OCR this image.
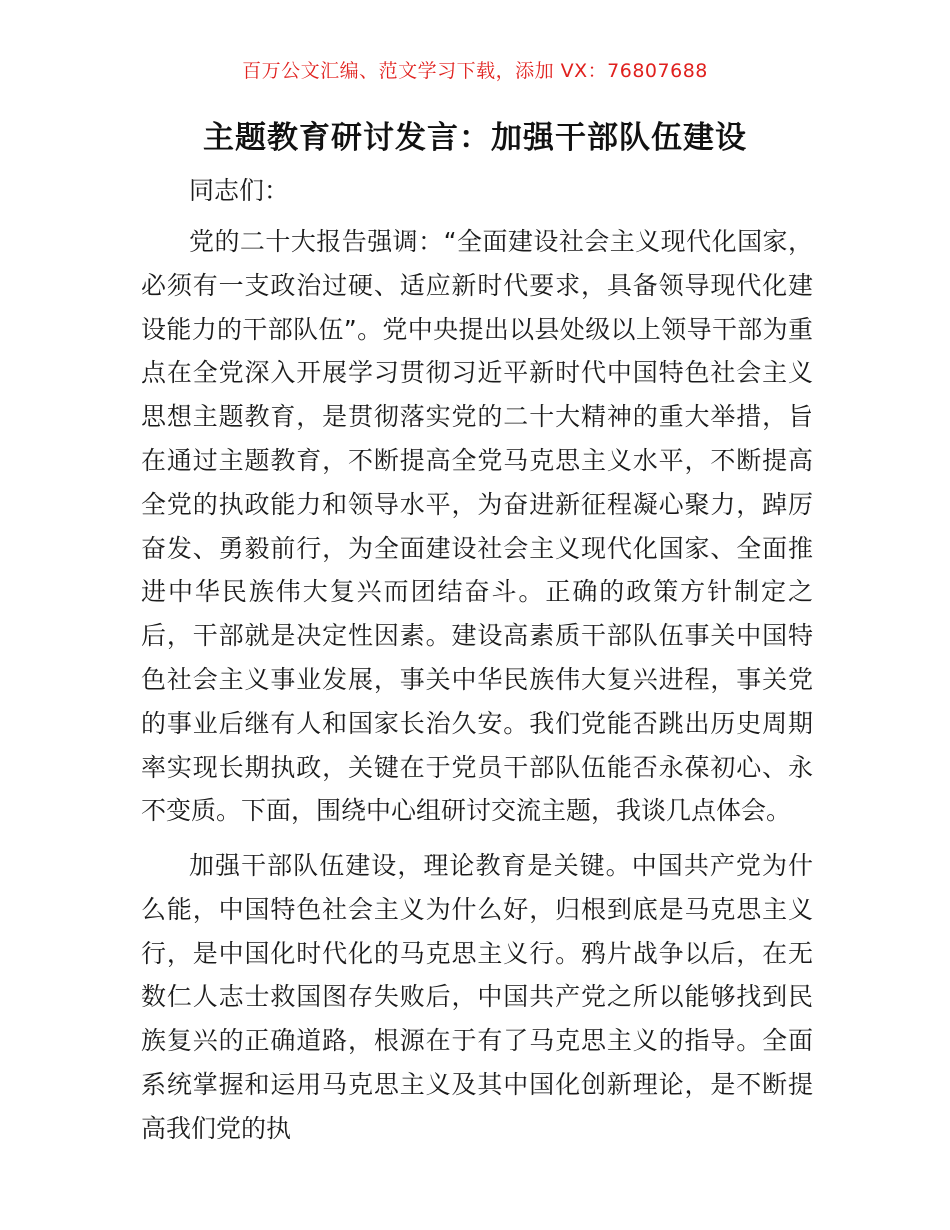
百万公文汇编、范文学习下载，添加 VX：76807688
主题教育研讨发言：加强干部队伍建设
同志们：

党的二十大报告强调：“全面建设社会主义现代化国家，必须有一支政治过硬、适应新时代要求，具备领导现代化建设能力的干部队伍”。党中央提出以县处级以上领导干部为重点在全党深入开展学习贯彻习近平新时代中国特色社会主义思想主题教育，是贯彻落实党的二十大精神的重大举措，旨在通过主题教育，不断提高全党马克思主义水平，不断提高全党的执政能力和领导水平，为奋进新征程凝心聚力，踔厉奋发、勇毅前行，为全面建设社会主义现代化国家、全面推进中华民族伟大复兴而团结奋斗。正确的政策方针制定之后，干部就是决定性因素。建设高素质干部队伍事关中国特色社会主义事业发展，事关中华民族伟大复兴进程，事关党的事业后继有人和国家长治久安。我们党能否跳出历史周期率实现长期执政，关键在于党员干部队伍能否永葆初心、永不变质。下面，围绕中心组研讨交流主题，我谈几点体会。

加强干部队伍建设，理论教育是关键。中国共产党为什么能，中国特色社会主义为什么好，归根到底是马克思主义行，是中国化时代化的马克思主义行。鸦片战争以后，在无数仁人志士救国图存失败后，中国共产党之所以能够找到民族复兴的正确道路，根源在于有了马克思主义的指导。全面系统掌握和运用马克思主义及其中国化创新理论，是不断提高我们党的执
